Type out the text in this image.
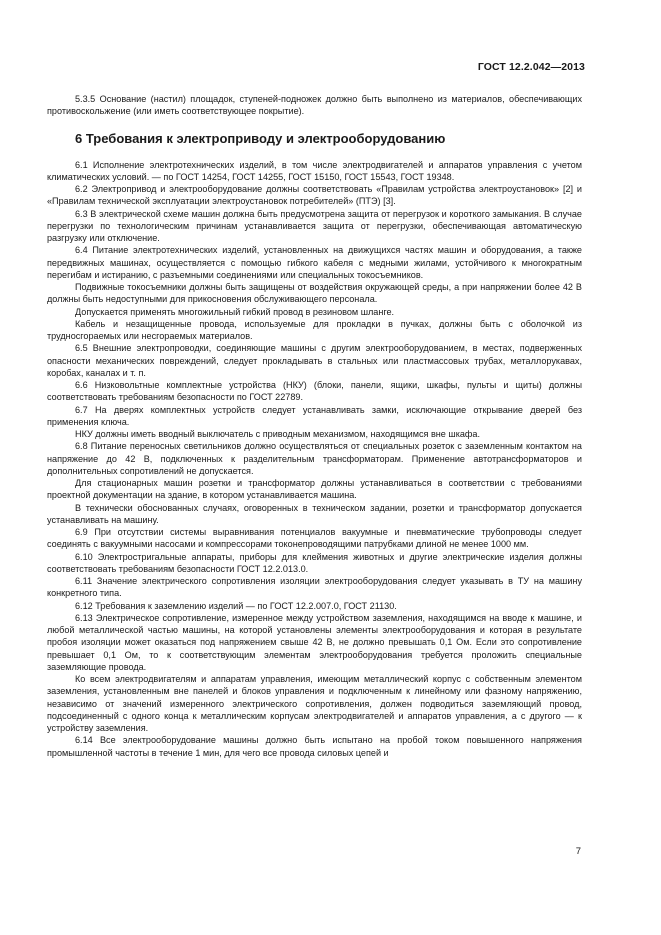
ГОСТ 12.2.042—2013

5.3.5 Основание (настил) площадок, ступеней-подножек должно быть выполнено из материалов, обеспечивающих противоскольжение (или иметь соответствующее покрытие).

6 Требования к электроприводу и электрооборудованию

6.1 Исполнение электротехнических изделий, в том числе электродвигателей и аппаратов управления с учетом климатических условий. — по ГОСТ 14254, ГОСТ 14255, ГОСТ 15150, ГОСТ 15543, ГОСТ 19348.

6.2 Электропривод и электрооборудование должны соответствовать «Правилам устройства электроустановок» [2] и «Правилам технической эксплуатации электроустановок потребителей» (ПТЭ) [3].

6.3 В электрической схеме машин должна быть предусмотрена защита от перегрузок и короткого замыкания. В случае перегрузки по технологическим причинам устанавливается защита от перегрузки, обеспечивающая автоматическую разгрузку или отключение.

6.4 Питание электротехнических изделий, установленных на движущихся частях машин и оборудования, а также передвижных машинах, осуществляется с помощью гибкого кабеля с медными жилами, устойчивого к многократным перегибам и истиранию, с разъемными соединениями или специальных токосъемников.

Подвижные токосъемники должны быть защищены от воздействия окружающей среды, а при напряжении более 42 В должны быть недоступными для прикосновения обслуживающего персонала.

Допускается применять многожильный гибкий провод в резиновом шланге.

Кабель и незащищенные провода, используемые для прокладки в пучках, должны быть с оболочкой из трудносгораемых или несгораемых материалов.

6.5 Внешние электропроводки, соединяющие машины с другим электрооборудованием, в местах, подверженных опасности механических повреждений, следует прокладывать в стальных или пластмассовых трубах, металлорукавах, коробах, каналах и т. п.

6.6 Низковольтные комплектные устройства (НКУ) (блоки, панели, ящики, шкафы, пульты и щиты) должны соответствовать требованиям безопасности по ГОСТ 22789.

6.7 На дверях комплектных устройств следует устанавливать замки, исключающие открывание дверей без применения ключа.

НКУ должны иметь вводный выключатель с приводным механизмом, находящимся вне шкафа.

6.8 Питание переносных светильников должно осуществляться от специальных розеток с заземленным контактом на напряжение до 42 В, подключенных к разделительным трансформаторам. Применение автотрансформаторов и дополнительных сопротивлений не допускается.

Для стационарных машин розетки и трансформатор должны устанавливаться в соответствии с требованиями проектной документации на здание, в котором устанавливается машина.

В технически обоснованных случаях, оговоренных в техническом задании, розетки и трансформатор допускается устанавливать на машину.

6.9 При отсутствии системы выравнивания потенциалов вакуумные и пневматические трубопроводы следует соединять с вакуумными насосами и компрессорами токонепроводящими патрубками длиной не менее 1000 мм.

6.10 Электростригальные аппараты, приборы для клеймения животных и другие электрические изделия должны соответствовать требованиям безопасности ГОСТ 12.2.013.0.

6.11 Значение электрического сопротивления изоляции электрооборудования следует указывать в ТУ на машину конкретного типа.

6.12 Требования к заземлению изделий — по ГОСТ 12.2.007.0, ГОСТ 21130.

6.13 Электрическое сопротивление, измеренное между устройством заземления, находящимся на вводе к машине, и любой металлической частью машины, на которой установлены элементы электрооборудования и которая в результате пробоя изоляции может оказаться под напряжением свыше 42 В, не должно превышать 0,1 Ом. Если это сопротивление превышает 0,1 Ом, то к соответствующим элементам электрооборудования требуется проложить специальные заземляющие провода.

Ко всем электродвигателям и аппаратам управления, имеющим металлический корпус с собственным элементом заземления, установленным вне панелей и блоков управления и подключенным к линейному или фазному напряжению, независимо от значений измеренного электрического сопротивления, должен подводиться заземляющий провод, подсоединенный с одного конца к металлическим корпусам электродвигателей и аппаратов управления, а с другого — к устройству заземления.

6.14 Все электрооборудование машины должно быть испытано на пробой током повышенного напряжения промышленной частоты в течение 1 мин, для чего все провода силовых цепей и

7
